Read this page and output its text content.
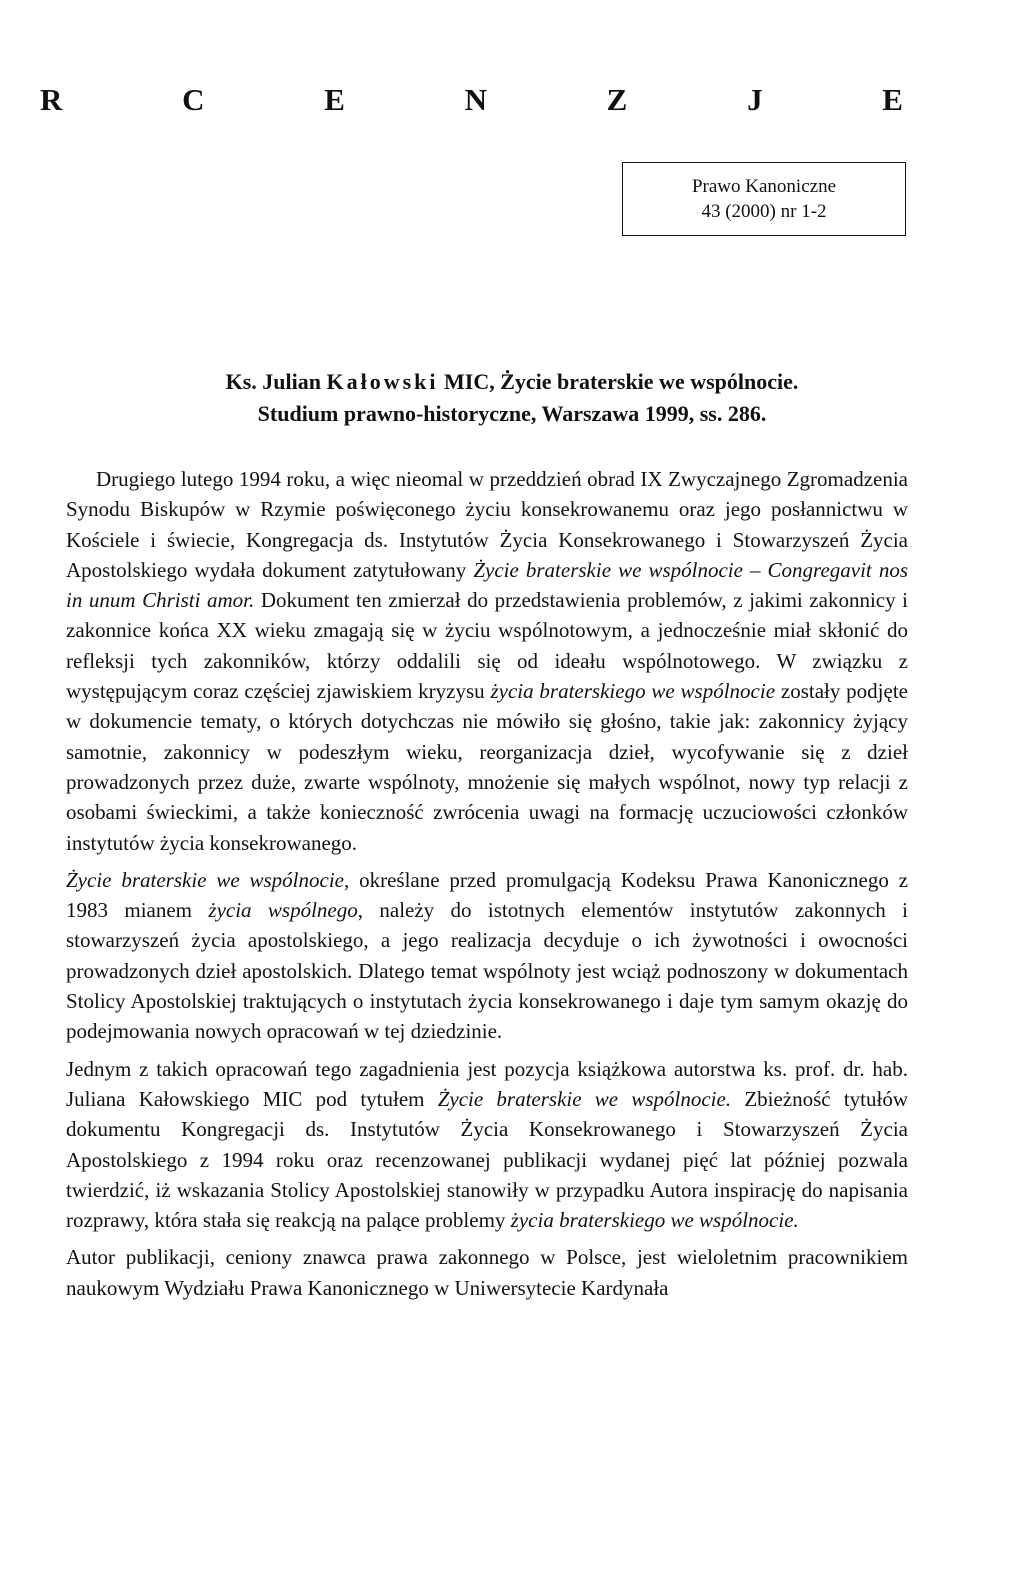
R	C	E	N	Z	J	E
Prawo Kanoniczne
43 (2000) nr 1-2
Ks. Julian Kałowski MIC, Życie braterskie we wspólnocie.
Studium prawno-historyczne, Warszawa 1999, ss. 286.

Drugiego lutego 1994 roku, a więc nieomal w przeddzień obrad IX Zwyczajnego Zgromadzenia Synodu Biskupów w Rzymie poświęconego życiu konsekrowanemu oraz jego posłannictwu w Kościele i świecie, Kongregacja ds. Instytutów Życia Konsekrowanego i Stowarzyszeń Życia Apostolskiego wydała dokument zatytułowany Życie braterskie we wspólnocie – Congregavit nos in unum Christi amor. Dokument ten zmierzał do przedstawienia problemów, z jakimi zakonnicy i zakonnice końca XX wieku zmagają się w życiu wspólnotowym, a jednocześnie miał skłonić do refleksji tych zakonników, którzy oddalili się od ideału wspólnotowego. W związku z występującym coraz częściej zjawiskiem kryzysu życia braterskiego we wspólnocie zostały podjęte w dokumencie tematy, o których dotychczas nie mówiło się głośno, takie jak: zakonnicy żyjący samotnie, zakonnicy w podeszłym wieku, reorganizacja dzieł, wycofywanie się z dzieł prowadzonych przez duże, zwarte wspólnoty, mnożenie się małych wspólnot, nowy typ relacji z osobami świeckimi, a także konieczność zwrócenia uwagi na formację uczuciowości członków instytutów życia konsekrowanego.

Życie braterskie we wspólnocie, określane przed promulgacją Kodeksu Prawa Kanonicznego z 1983 mianem życia wspólnego, należy do istotnych elementów instytutów zakonnych i stowarzyszeń życia apostolskiego, a jego realizacja decyduje o ich żywotności i owocności prowadzonych dzieł apostolskich. Dlatego temat wspólnoty jest wciąż podnoszony w dokumentach Stolicy Apostolskiej traktujących o instytutach życia konsekrowanego i daje tym samym okazję do podejmowania nowych opracowań w tej dziedzinie.

Jednym z takich opracowań tego zagadnienia jest pozycja książkowa autorstwa ks. prof. dr. hab. Juliana Kałowskiego MIC pod tytułem Życie braterskie we wspólnocie. Zbieżność tytułów dokumentu Kongregacji ds. Instytutów Życia Konsekrowanego i Stowarzyszeń Życia Apostolskiego z 1994 roku oraz recenzowanej publikacji wydanej pięć lat później pozwala twierdzić, iż wskazania Stolicy Apostolskiej stanowiły w przypadku Autora inspirację do napisania rozprawy, która stała się reakcją na palące problemy życia braterskiego we wspólnocie.

Autor publikacji, ceniony znawca prawa zakonnego w Polsce, jest wieloletnim pracownikiem naukowym Wydziału Prawa Kanonicznego w Uniwersytecie Kardynała
